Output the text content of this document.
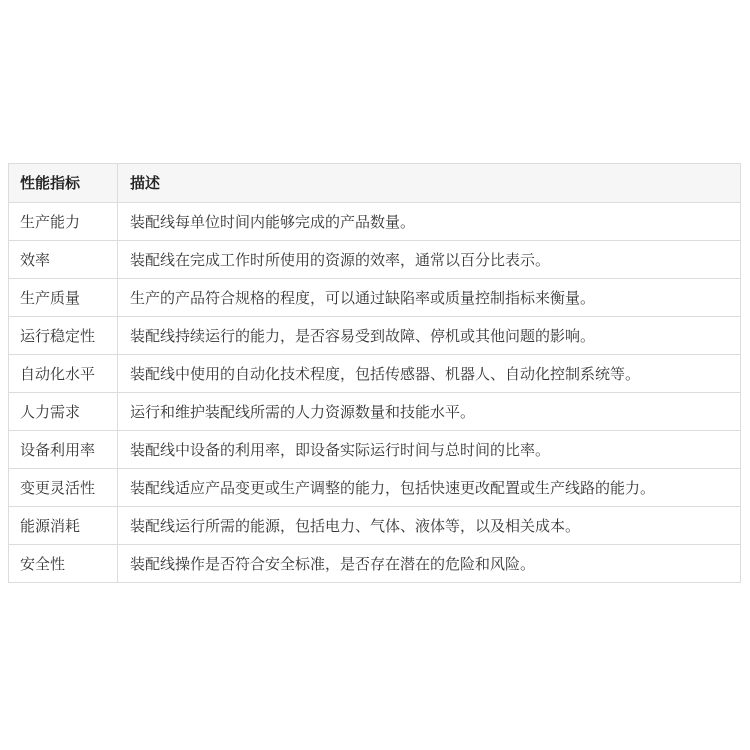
性能指标	描述
生产能力	装配线每单位时间内能够完成的产品数量。
效率	装配线在完成工作时所使用的资源的效率，通常以百分比表示。
生产质量	生产的产品符合规格的程度，可以通过缺陷率或质量控制指标来衡量。
运行稳定性	装配线持续运行的能力，是否容易受到故障、停机或其他问题的影响。
自动化水平	装配线中使用的自动化技术程度，包括传感器、机器人、自动化控制系统等。
人力需求	运行和维护装配线所需的人力资源数量和技能水平。
设备利用率	装配线中设备的利用率，即设备实际运行时间与总时间的比率。
变更灵活性	装配线适应产品变更或生产调整的能力，包括快速更改配置或生产线路的能力。
能源消耗	装配线运行所需的能源，包括电力、气体、液体等，以及相关成本。
安全性	装配线操作是否符合安全标准，是否存在潜在的危险和风险。
